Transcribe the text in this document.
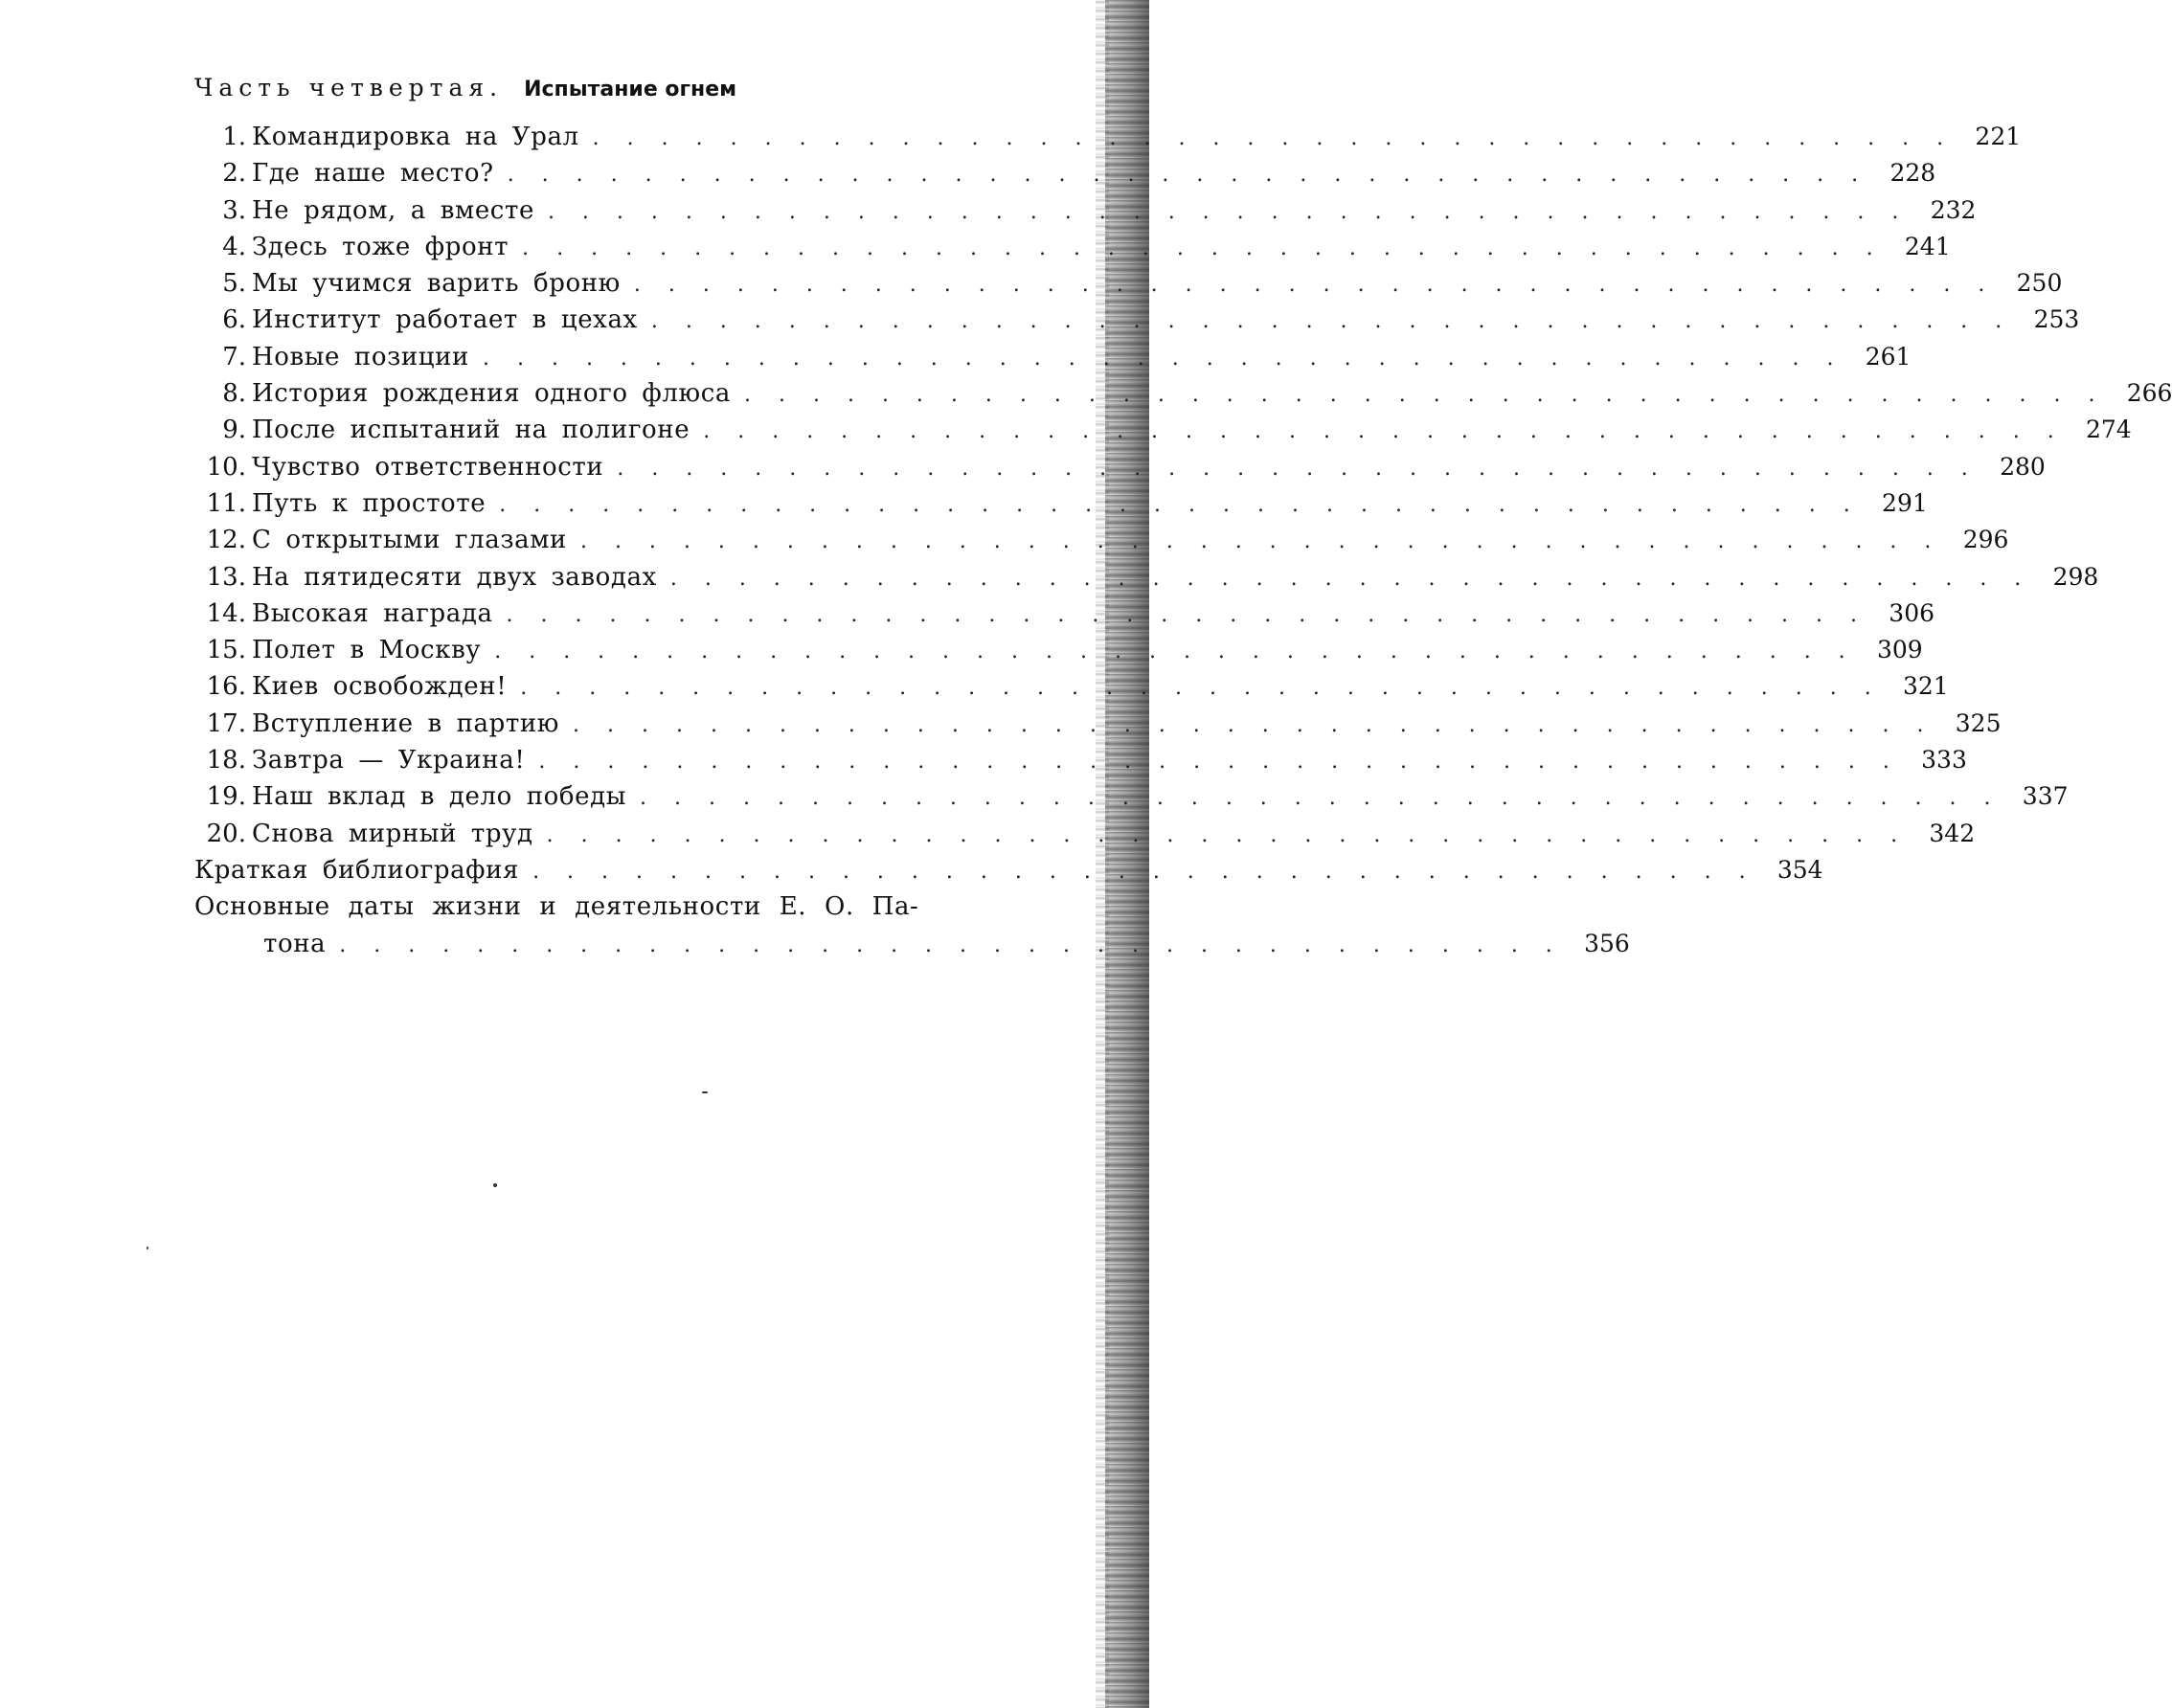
Часть четвертая. Испытание огнем
1. Командировка на Урал . . . . . . . . . . . . . . . . . . . . . . . . . . . . . . . . . . . . . . . . 221
2. Где наше место? . . . . . . . . . . . . . . . . . . . . . . . . . . . . . . . . . . . . . . . . 228
3. Не рядом, а вместе . . . . . . . . . . . . . . . . . . . . . . . . . . . . . . . . . . . . . . . . 232
4. Здесь тоже фронт . . . . . . . . . . . . . . . . . . . . . . . . . . . . . . . . . . . . . . . . 241
5. Мы учимся варить броню . . . . . . . . . . . . . . . . . . . . . . . . . . . . . . . . . . . . . . . . 250
6. Институт работает в цехах . . . . . . . . . . . . . . . . . . . . . . . . . . . . . . . . . . . . . . . . 253
7. Новые позиции . . . . . . . . . . . . . . . . . . . . . . . . . . . . . . . . . . . . . . . . 261
8. История рождения одного флюса . . . . . . . . . . . . . . . . . . . . . . . . . . . . . . . . . . . . . . . . 266
9. После испытаний на полигоне . . . . . . . . . . . . . . . . . . . . . . . . . . . . . . . . . . . . . . . . 274
10. Чувство ответственности . . . . . . . . . . . . . . . . . . . . . . . . . . . . . . . . . . . . . . . . 280
11. Путь к простоте . . . . . . . . . . . . . . . . . . . . . . . . . . . . . . . . . . . . . . . . 291
12. С открытыми глазами . . . . . . . . . . . . . . . . . . . . . . . . . . . . . . . . . . . . . . . . 296
13. На пятидесяти двух заводах . . . . . . . . . . . . . . . . . . . . . . . . . . . . . . . . . . . . . . . . 298
14. Высокая награда . . . . . . . . . . . . . . . . . . . . . . . . . . . . . . . . . . . . . . . . 306
15. Полет в Москву . . . . . . . . . . . . . . . . . . . . . . . . . . . . . . . . . . . . . . . . 309
16. Киев освобожден! . . . . . . . . . . . . . . . . . . . . . . . . . . . . . . . . . . . . . . . . 321
17. Вступление в партию . . . . . . . . . . . . . . . . . . . . . . . . . . . . . . . . . . . . . . . . 325
18. Завтра — Украина! . . . . . . . . . . . . . . . . . . . . . . . . . . . . . . . . . . . . . . . . 333
19. Наш вклад в дело победы . . . . . . . . . . . . . . . . . . . . . . . . . . . . . . . . . . . . . . . . 337
20. Снова мирный труд . . . . . . . . . . . . . . . . . . . . . . . . . . . . . . . . . . . . . . . . 342
Краткая библиография . . . . . . . . . . . . . . . . . . . . . . . . . . . . . . . . . . . . 354
Основные даты жизни и деятельности Е. О. Па-
тона . . . . . . . . . . . . . . . . . . . . . . . . . . . . . . . . . . . . 356
